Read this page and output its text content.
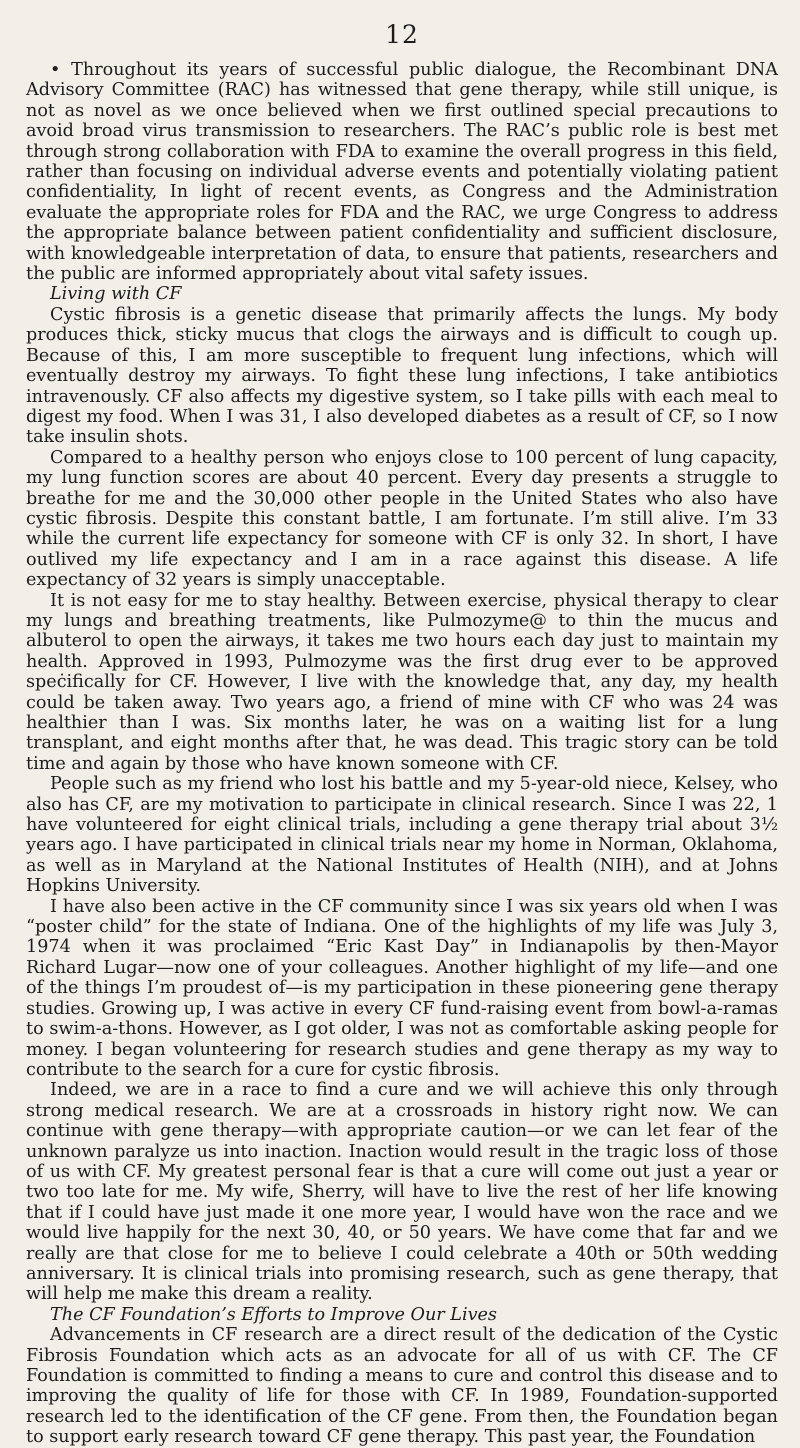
12

• Throughout its years of successful public dialogue, the Recombinant DNA Advisory Committee (RAC) has witnessed that gene therapy, while still unique, is not as novel as we once believed when we first outlined special precautions to avoid broad virus transmission to researchers. The RAC’s public role is best met through strong collaboration with FDA to examine the overall progress in this field, rather than focusing on individual adverse events and potentially violating patient confidentiality, In light of recent events, as Congress and the Administration evaluate the appropriate roles for FDA and the RAC, we urge Congress to address the appropriate balance between patient confidentiality and sufficient disclosure, with knowledgeable interpretation of data, to ensure that patients, researchers and the public are informed appropriately about vital safety issues.

Living with CF

Cystic fibrosis is a genetic disease that primarily affects the lungs. My body produces thick, sticky mucus that clogs the airways and is difficult to cough up. Because of this, I am more susceptible to frequent lung infections, which will eventually destroy my airways. To fight these lung infections, I take antibiotics intravenously. CF also affects my digestive system, so I take pills with each meal to digest my food. When I was 31, I also developed diabetes as a result of CF, so I now take insulin shots.

Compared to a healthy person who enjoys close to 100 percent of lung capacity, my lung function scores are about 40 percent. Every day presents a struggle to breathe for me and the 30,000 other people in the United States who also have cystic fibrosis. Despite this constant battle, I am fortunate. I’m still alive. I’m 33 while the current life expectancy for someone with CF is only 32. In short, I have outlived my life expectancy and I am in a race against this disease. A life expectancy of 32 years is simply unacceptable.

It is not easy for me to stay healthy. Between exercise, physical therapy to clear my lungs and breathing treatments, like Pulmozyme@ to thin the mucus and albuterol to open the airways, it takes me two hours each day just to maintain my health. Approved in 1993, Pulmozyme was the first drug ever to be approved speċifically for CF. However, I live with the knowledge that, any day, my health could be taken away. Two years ago, a friend of mine with CF who was 24 was healthier than I was. Six months later, he was on a waiting list for a lung transplant, and eight months after that, he was dead. This tragic story can be told time and again by those who have known someone with CF.

People such as my friend who lost his battle and my 5-year-old niece, Kelsey, who also has CF, are my motivation to participate in clinical research. Since I was 22, 1 have volunteered for eight clinical trials, including a gene therapy trial about 3½ years ago. I have participated in clinical trials near my home in Norman, Oklahoma, as well as in Maryland at the National Institutes of Health (NIH), and at Johns Hopkins University.

I have also been active in the CF community since I was six years old when I was “poster child” for the state of Indiana. One of the highlights of my life was July 3, 1974 when it was proclaimed “Eric Kast Day” in Indianapolis by then-Mayor Richard Lugar—now one of your colleagues. Another highlight of my life—and one of the things I’m proudest of—is my participation in these pioneering gene therapy studies. Growing up, I was active in every CF fund-raising event from bowl-a-ramas to swim-a-thons. However, as I got older, I was not as comfortable asking people for money. I began volunteering for research studies and gene therapy as my way to contribute to the search for a cure for cystic fibrosis.

Indeed, we are in a race to find a cure and we will achieve this only through strong medical research. We are at a crossroads in history right now. We can continue with gene therapy—with appropriate caution—or we can let fear of the unknown paralyze us into inaction. Inaction would result in the tragic loss of those of us with CF. My greatest personal fear is that a cure will come out just a year or two too late for me. My wife, Sherry, will have to live the rest of her life knowing that if I could have just made it one more year, I would have won the race and we would live happily for the next 30, 40, or 50 years. We have come that far and we really are that close for me to believe I could celebrate a 40th or 50th wedding anniversary. It is clinical trials into promising research, such as gene therapy, that will help me make this dream a reality.

The CF Foundation’s Efforts to Improve Our Lives

Advancements in CF research are a direct result of the dedication of the Cystic Fibrosis Foundation which acts as an advocate for all of us with CF. The CF Foundation is committed to finding a means to cure and control this disease and to improving the quality of life for those with CF. In 1989, Foundation-supported research led to the identification of the CF gene. From then, the Foundation began to support early research toward CF gene therapy. This past year, the Foundation
